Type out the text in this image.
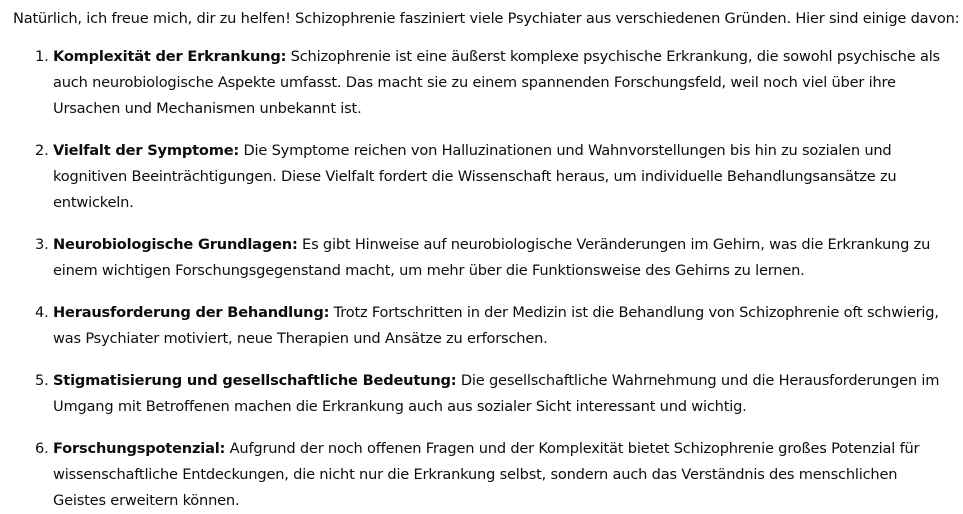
Natürlich, ich freue mich, dir zu helfen! Schizophrenie fasziniert viele Psychiater aus verschiedenen Gründen. Hier sind einige davon:

1. Komplexität der Erkrankung: Schizophrenie ist eine äußerst komplexe psychische Erkrankung, die sowohl psychische als auch neurobiologische Aspekte umfasst. Das macht sie zu einem spannenden Forschungsfeld, weil noch viel über ihre Ursachen und Mechanismen unbekannt ist.
2. Vielfalt der Symptome: Die Symptome reichen von Halluzinationen und Wahnvorstellungen bis hin zu sozialen und kognitiven Beeinträchtigungen. Diese Vielfalt fordert die Wissenschaft heraus, um individuelle Behandlungsansätze zu entwickeln.
3. Neurobiologische Grundlagen: Es gibt Hinweise auf neurobiologische Veränderungen im Gehirn, was die Erkrankung zu einem wichtigen Forschungsgegenstand macht, um mehr über die Funktionsweise des Gehirns zu lernen.
4. Herausforderung der Behandlung: Trotz Fortschritten in der Medizin ist die Behandlung von Schizophrenie oft schwierig, was Psychiater motiviert, neue Therapien und Ansätze zu erforschen.
5. Stigmatisierung und gesellschaftliche Bedeutung: Die gesellschaftliche Wahrnehmung und die Herausforderungen im Umgang mit Betroffenen machen die Erkrankung auch aus sozialer Sicht interessant und wichtig.
6. Forschungspotenzial: Aufgrund der noch offenen Fragen und der Komplexität bietet Schizophrenie großes Potenzial für wissenschaftliche Entdeckungen, die nicht nur die Erkrankung selbst, sondern auch das Verständnis des menschlichen Geistes erweitern können.
